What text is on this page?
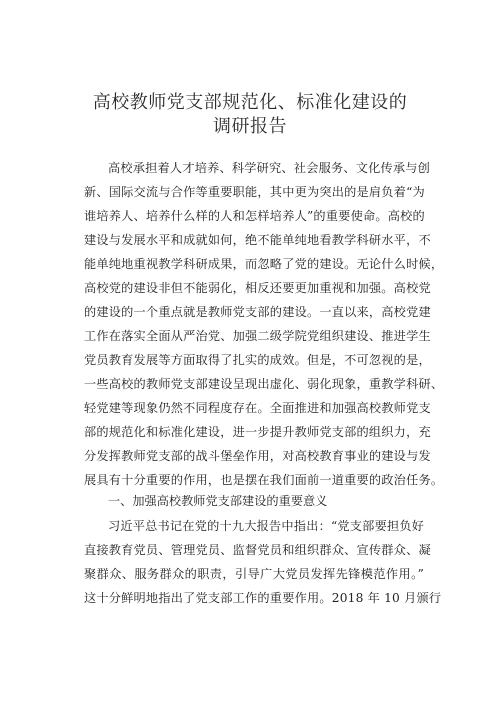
高校教师党支部规范化、标准化建设的
调研报告
高校承担着人才培养、科学研究、社会服务、文化传承与创
新、国际交流与合作等重要职能，其中更为突出的是肩负着“为
谁培养人、培养什么样的人和怎样培养人”的重要使命。高校的
建设与发展水平和成就如何，绝不能单纯地看教学科研水平，不
能单纯地重视教学科研成果，而忽略了党的建设。无论什么时候，
高校党的建设非但不能弱化，相反还要更加重视和加强。高校党
的建设的一个重点就是教师党支部的建设。一直以来，高校党建
工作在落实全面从严治党、加强二级学院党组织建设、推进学生
党员教育发展等方面取得了扎实的成效。但是，不可忽视的是，
一些高校的教师党支部建设呈现出虚化、弱化现象，重教学科研、
轻党建等现象仍然不同程度存在。全面推进和加强高校教师党支
部的规范化和标准化建设，进一步提升教师党支部的组织力，充
分发挥教师党支部的战斗堡垒作用，对高校教育事业的建设与发
展具有十分重要的作用，也是摆在我们面前一道重要的政治任务。
一、加强高校教师党支部建设的重要意义
习近平总书记在党的十九大报告中指出：“党支部要担负好
直接教育党员、管理党员、监督党员和组织群众、宣传群众、凝
聚群众、服务群众的职责，引导广大党员发挥先锋模范作用。”
这十分鲜明地指出了党支部工作的重要作用。2018 年 10 月颁行
